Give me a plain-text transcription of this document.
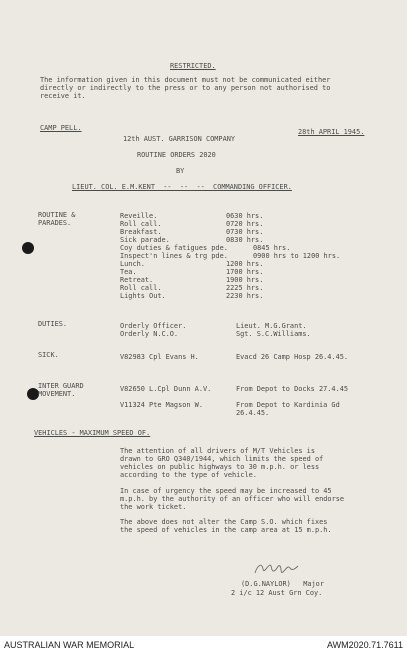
RESTRICTED.
The information given in this document must not be communicated either
directly or indirectly to the press or to any person not authorised to
receive it.
CAMP PELL.	28th APRIL 1945.
12th AUST. GARRISON COMPANY
ROUTINE ORDERS 2020
BY
LIEUT. COL. E.M.KENT  --  --  --  COMMANDING OFFICER.
ROUTINE &
PARADES.
Reveille.	0630 hrs.
Roll call.	0720 hrs.
Breakfast.	0730 hrs.
Sick parade.	0830 hrs.
Coy duties & fatigues pde.	0845 hrs.
Inspect'n lines & trg pde.	0900 hrs to 1200 hrs.
Lunch.	1200 hrs.
Tea.	1700 hrs.
Retreat.	1900 hrs.
Roll call.	2225 hrs.
Lights Out.	2230 hrs.
DUTIES.	Orderly Officer.	Lieut. M.G.Grant.
Orderly N.C.O.	Sgt. S.C.Williams.
SICK.	V82983 Cpl Evans H.	Evacd 26 Camp Hosp 26.4.45.
INTER GUARD
MOVEMENT.
V82650 L.Cpl Dunn A.V.	From Depot to Docks 27.4.45
V11324 Pte Magson W.	From Depot to Kardinia Gd
26.4.45.
VEHICLES - MAXIMUM SPEED OF.
The attention of all drivers of M/T Vehicles is
drawn to GRO Q340/1944, which limits the speed of
vehicles on public highways to 30 m.p.h. or less
according to the type of vehicle.
In case of urgency the speed may be increased to 45
m.p.h. by the authority of an officer who will endorse
the work ticket.
The above does not alter the Camp S.O. which fixes
the speed of vehicles in the camp area at 15 m.p.h.
(D.G.NAYLOR)   Major
2 i/c 12 Aust Grn Coy.
AUSTRALIAN WAR MEMORIAL	AWM2020.71.7611
